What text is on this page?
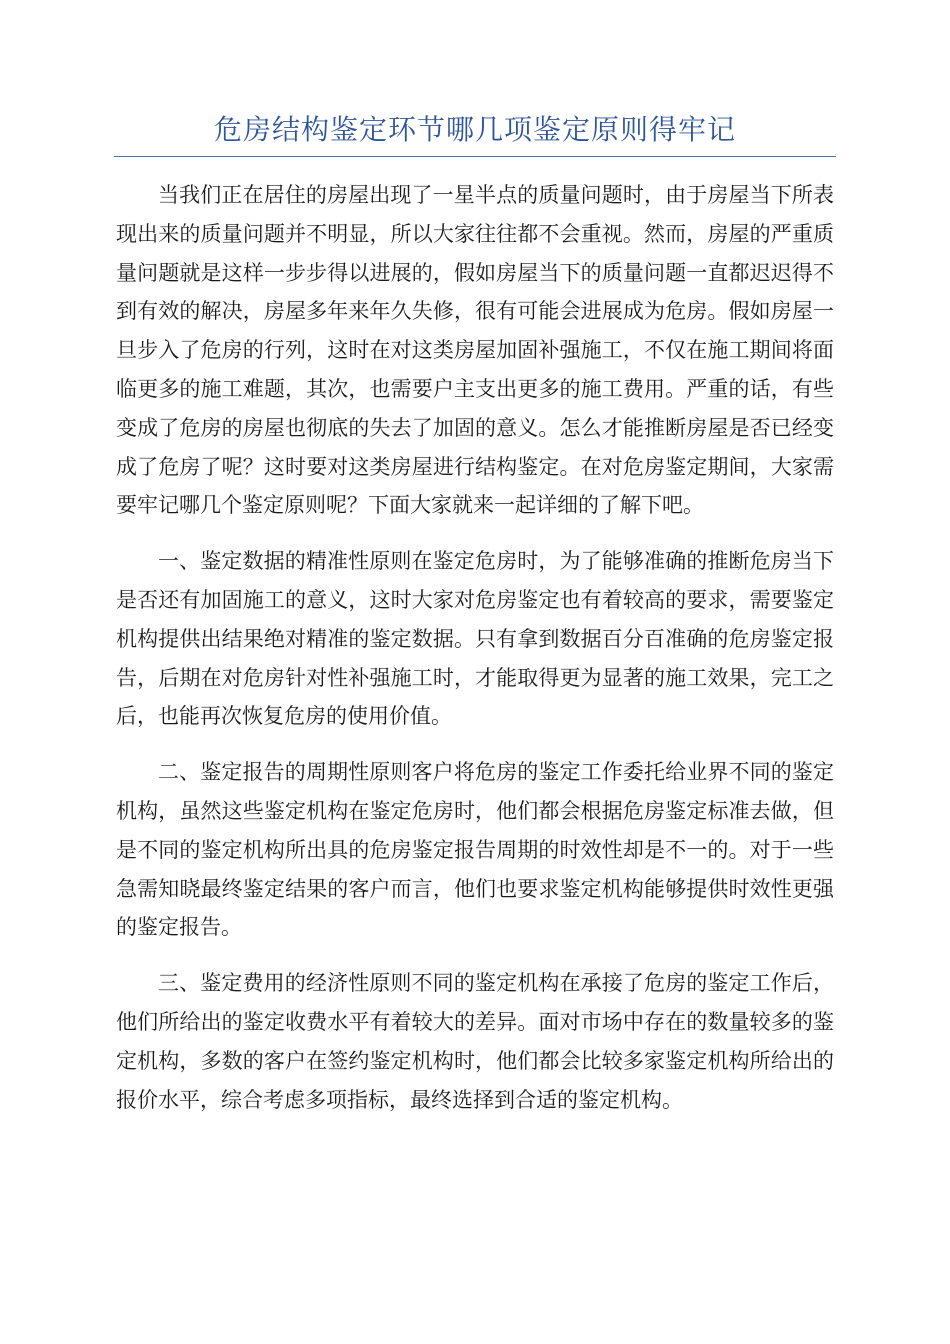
危房结构鉴定环节哪几项鉴定原则得牢记

当我们正在居住的房屋出现了一星半点的质量问题时，由于房屋当下所表现出来的质量问题并不明显，所以大家往往都不会重视。然而，房屋的严重质量问题就是这样一步步得以进展的，假如房屋当下的质量问题一直都迟迟得不到有效的解决，房屋多年来年久失修，很有可能会进展成为危房。假如房屋一旦步入了危房的行列，这时在对这类房屋加固补强施工，不仅在施工期间将面临更多的施工难题，其次，也需要户主支出更多的施工费用。严重的话，有些变成了危房的房屋也彻底的失去了加固的意义。怎么才能推断房屋是否已经变成了危房了呢？这时要对这类房屋进行结构鉴定。在对危房鉴定期间，大家需要牢记哪几个鉴定原则呢？下面大家就来一起详细的了解下吧。

一、鉴定数据的精准性原则在鉴定危房时，为了能够准确的推断危房当下是否还有加固施工的意义，这时大家对危房鉴定也有着较高的要求，需要鉴定机构提供出结果绝对精准的鉴定数据。只有拿到数据百分百准确的危房鉴定报告，后期在对危房针对性补强施工时，才能取得更为显著的施工效果，完工之后，也能再次恢复危房的使用价值。

二、鉴定报告的周期性原则客户将危房的鉴定工作委托给业界不同的鉴定机构，虽然这些鉴定机构在鉴定危房时，他们都会根据危房鉴定标准去做，但是不同的鉴定机构所出具的危房鉴定报告周期的时效性却是不一的。对于一些急需知晓最终鉴定结果的客户而言，他们也要求鉴定机构能够提供时效性更强的鉴定报告。

三、鉴定费用的经济性原则不同的鉴定机构在承接了危房的鉴定工作后，他们所给出的鉴定收费水平有着较大的差异。面对市场中存在的数量较多的鉴定机构，多数的客户在签约鉴定机构时，他们都会比较多家鉴定机构所给出的报价水平，综合考虑多项指标，最终选择到合适的鉴定机构。
